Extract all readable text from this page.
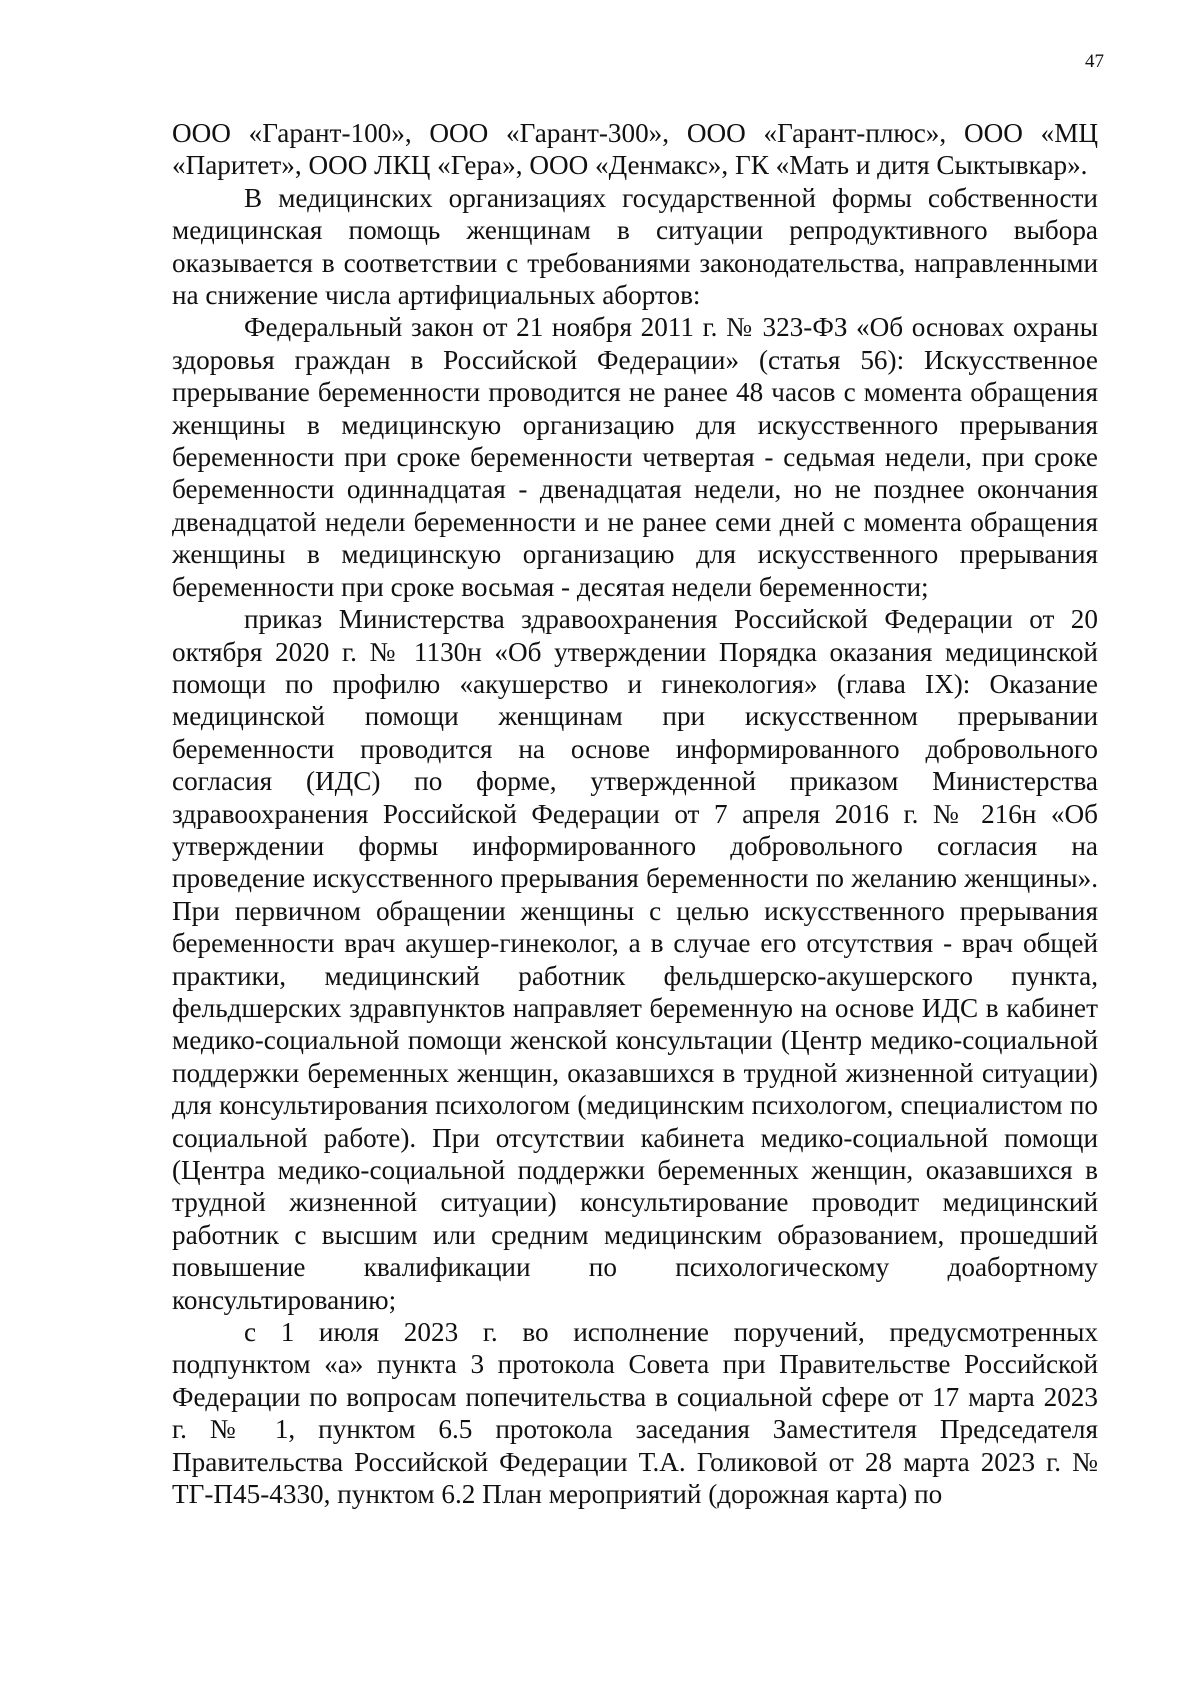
47

ООО «Гарант-100», ООО «Гарант-300», ООО «Гарант-плюс», ООО «МЦ «Паритет», ООО ЛКЦ «Гера», ООО «Денмакс», ГК «Мать и дитя Сыктывкар».

В медицинских организациях государственной формы собственности медицинская помощь женщинам в ситуации репродуктивного выбора оказывается в соответствии с требованиями законодательства, направленными на снижение числа артифициальных абортов:

Федеральный закон от 21 ноября 2011 г. № 323-ФЗ «Об основах охраны здоровья граждан в Российской Федерации» (статья 56): Искусственное прерывание беременности проводится не ранее 48 часов с момента обращения женщины в медицинскую организацию для искусственного прерывания беременности при сроке беременности четвертая - седьмая недели, при сроке беременности одиннадцатая - двенадцатая недели, но не позднее окончания двенадцатой недели беременности и не ранее семи дней с момента обращения женщины в медицинскую организацию для искусственного прерывания беременности при сроке восьмая - десятая недели беременности;

приказ Министерства здравоохранения Российской Федерации от 20 октября 2020 г. № 1130н «Об утверждении Порядка оказания медицинской помощи по профилю «акушерство и гинекология» (глава IX): Оказание медицинской помощи женщинам при искусственном прерывании беременности проводится на основе информированного добровольного согласия (ИДС) по форме, утвержденной приказом Министерства здравоохранения Российской Федерации от 7 апреля 2016 г. № 216н «Об утверждении формы информированного добровольного согласия на проведение искусственного прерывания беременности по желанию женщины». При первичном обращении женщины с целью искусственного прерывания беременности врач акушер-гинеколог, а в случае его отсутствия - врач общей практики, медицинский работник фельдшерско-акушерского пункта, фельдшерских здравпунктов направляет беременную на основе ИДС в кабинет медико-социальной помощи женской консультации (Центр медико-социальной поддержки беременных женщин, оказавшихся в трудной жизненной ситуации) для консультирования психологом (медицинским психологом, специалистом по социальной работе). При отсутствии кабинета медико-социальной помощи (Центра медико-социальной поддержки беременных женщин, оказавшихся в трудной жизненной ситуации) консультирование проводит медицинский работник с высшим или средним медицинским образованием, прошедший повышение квалификации по психологическому доабортному консультированию;

с 1 июля 2023 г. во исполнение поручений, предусмотренных подпунктом «а» пункта 3 протокола Совета при Правительстве Российской Федерации по вопросам попечительства в социальной сфере от 17 марта 2023 г. № 1, пунктом 6.5 протокола заседания Заместителя Председателя Правительства Российской Федерации Т.А. Голиковой от 28 марта 2023 г. № ТГ-П45-4330, пунктом 6.2 План мероприятий (дорожная карта) по
